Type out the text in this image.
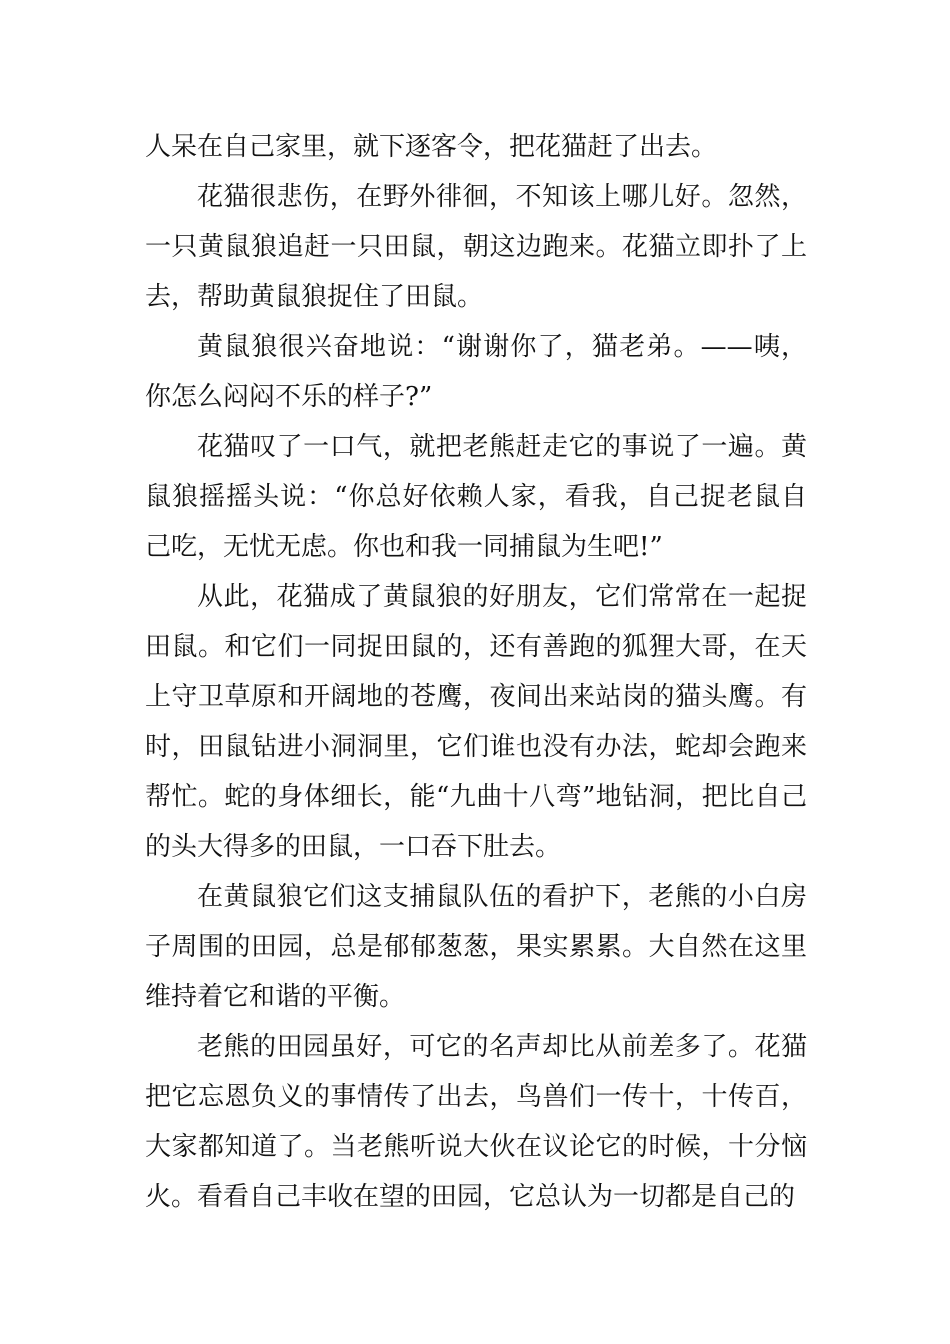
人呆在自己家里，就下逐客令，把花猫赶了出去。

花猫很悲伤，在野外徘徊，不知该上哪儿好。忽然，一只黄鼠狼追赶一只田鼠，朝这边跑来。花猫立即扑了上去，帮助黄鼠狼捉住了田鼠。

黄鼠狼很兴奋地说：“谢谢你了，猫老弟。——咦，你怎么闷闷不乐的样子?”

花猫叹了一口气，就把老熊赶走它的事说了一遍。黄鼠狼摇摇头说：“你总好依赖人家，看我，自己捉老鼠自己吃，无忧无虑。你也和我一同捕鼠为生吧!”

从此，花猫成了黄鼠狼的好朋友，它们常常在一起捉田鼠。和它们一同捉田鼠的，还有善跑的狐狸大哥，在天上守卫草原和开阔地的苍鹰，夜间出来站岗的猫头鹰。有时，田鼠钻进小洞洞里，它们谁也没有办法，蛇却会跑来帮忙。蛇的身体细长，能“九曲十八弯”地钻洞，把比自己的头大得多的田鼠，一口吞下肚去。

在黄鼠狼它们这支捕鼠队伍的看护下，老熊的小白房子周围的田园，总是郁郁葱葱，果实累累。大自然在这里维持着它和谐的平衡。

老熊的田园虽好，可它的名声却比从前差多了。花猫把它忘恩负义的事情传了出去，鸟兽们一传十，十传百，大家都知道了。当老熊听说大伙在议论它的时候，十分恼火。看看自己丰收在望的田园，它总认为一切都是自己的
